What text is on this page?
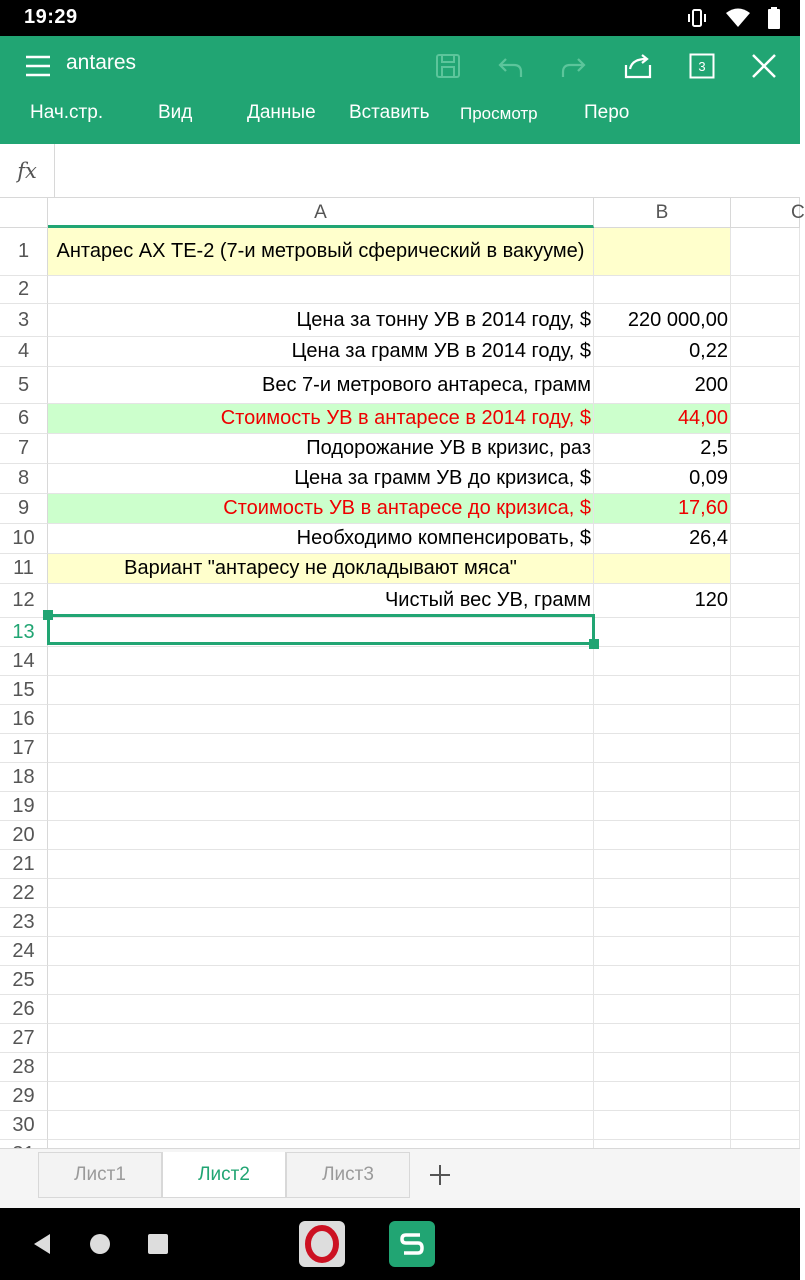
19:29
antares	3
Нач.стр.	Вид	Данные Вставить Просмотр Перо
fx
A	B	C
1	Антарес АХ ТЕ-2 (7-и метровый сферический в вакууме)
2
3	Цена за тонну УВ в 2014 году, $	220 000,00
4	Цена за грамм УВ в 2014 году, $	0,22
5	Вес 7-и метрового антареса, грамм	200
6	Стоимость УВ в антаресе в 2014 году, $	44,00
7	Подорожание УВ в кризис, раз	2,5
8	Цена за грамм УВ до кризиса, $	0,09
9	Стоимость УВ в антаресе до кризиса, $	17,60
10	Необходимо компенсировать, $	26,4
11	Вариант "антаресу не докладывают мяса"
12	Чистый вес УВ, грамм	120
13
14
15
16
17
18
19
20
21
22
23
24
25
26
27
28
29
30
Лист1	Лист2	Лист3
